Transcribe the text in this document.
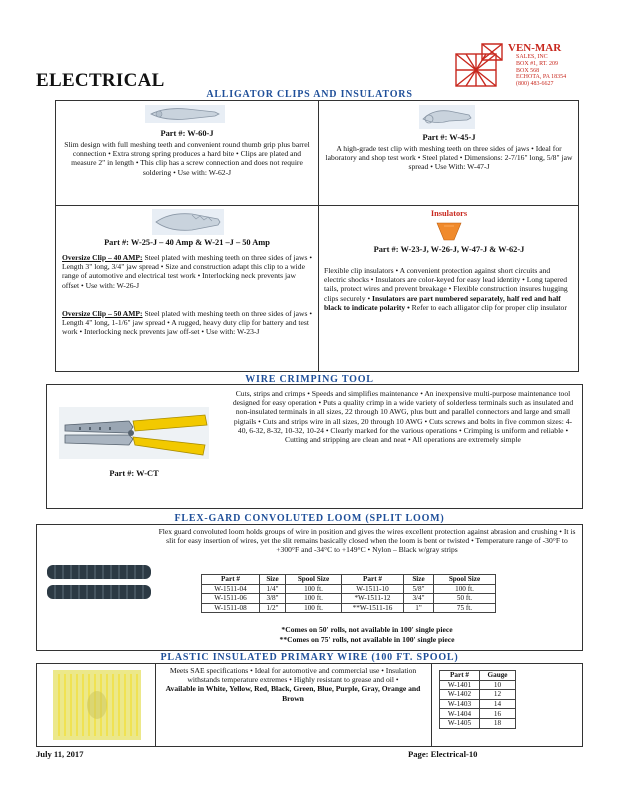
ELECTRICAL
VEN-MAR
SALES, INC
BOX #1, RT. 209
BOX 568
ECHOTA, PA 18354
(800) 483-6627
ALLIGATOR CLIPS AND INSULATORS
Part #: W-60-J
Slim design with full meshing teeth and convenient round thumb grip plus barrel connection • Extra strong spring produces a hard bite • Clips are plated and measure 2" in length • This clip has a screw connection and does not require soldering • Use with: W-62-J
Part #: W-45-J
A high-grade test clip with meshing teeth on three sides of jaws • Ideal for laboratory and shop test work • Steel plated • Dimensions: 2-7/16" long, 5/8" jaw spread • Use With: W-47-J
Part #: W-25-J – 40 Amp & W-21 –J – 50 Amp
Oversize Clip – 40 AMP: Steel plated with meshing teeth on three sides of jaws • Length 3" long, 3/4" jaw spread • Size and construction adapt this clip to a wide range of automotive and electrical test work • Interlocking neck prevents jaw offset • Use with: W-26-J
Oversize Clip – 50 AMP: Steel plated with meshing teeth on three sides of jaws • Length 4" long, 1-1/6" jaw spread • A rugged, heavy duty clip for battery and test work • Interlocking neck prevents jaw off-set • Use with: W-23-J
Insulators
Part #: W-23-J, W-26-J, W-47-J & W-62-J
Flexible clip insulators • A convenient protection against short circuits and electric shocks • Insulators are color-keyed for easy lead identity • Long tapered tails, protect wires and prevent breakage • Flexible construction insures hugging clips securely • Insulators are part numbered separately, half red and half black to indicate polarity • Refer to each alligator clip for proper clip insulator
WIRE CRIMPING TOOL
Part #: W-CT
Cuts, strips and crimps • Speeds and simplifies maintenance • An inexpensive multi-purpose maintenance tool designed for easy operation • Puts a quality crimp in a wide variety of solderless terminals such as insulated and non-insulated terminals in all sizes, 22 through 10 AWG, plus butt and parallel connectors and large and small pigtails • Cuts and strips wire in all sizes, 20 through 10 AWG • Cuts screws and bolts in five common sizes: 4-40, 6-32, 8-32, 10-32, 10-24 • Clearly marked for the various operations • Crimping is uniform and reliable • Cutting and stripping are clean and neat • All operations are extremely simple
FLEX-GARD CONVOLUTED LOOM (SPLIT LOOM)
Flex guard convoluted loom holds groups of wire in position and gives the wires excellent protection against abrasion and crushing • It is slit for easy insertion of wires, yet the slit remains basically closed when the loom is bent or twisted • Temperature range of -30°F to +300°F and -34°C to +149°C • Nylon – Black w/gray strips
Part #	Size	Spool Size	Part #	Size	Spool Size
W-1511-04	1/4"	100 ft.	W-1511-10	5/8"	100 ft.
W-1511-06	3/8"	100 ft.	*W-1511-12	3/4"	50 ft.
W-1511-08	1/2"	100 ft.	**W-1511-16	1"	75 ft.
*Comes on 50' rolls, not available in 100' single piece
**Comes on 75' rolls, not available in 100' single piece
PLASTIC INSULATED PRIMARY WIRE (100 FT. SPOOL)
Meets SAE specifications • Ideal for automotive and commercial use • Insulation withstands temperature extremes • Highly resistant to grease and oil •
Available in White, Yellow, Red, Black, Green, Blue, Purple, Gray, Orange and Brown
Part #	Gauge
W-1401	10
W-1402	12
W-1403	14
W-1404	16
W-1405	18
July 11, 2017	Page: Electrical-10
